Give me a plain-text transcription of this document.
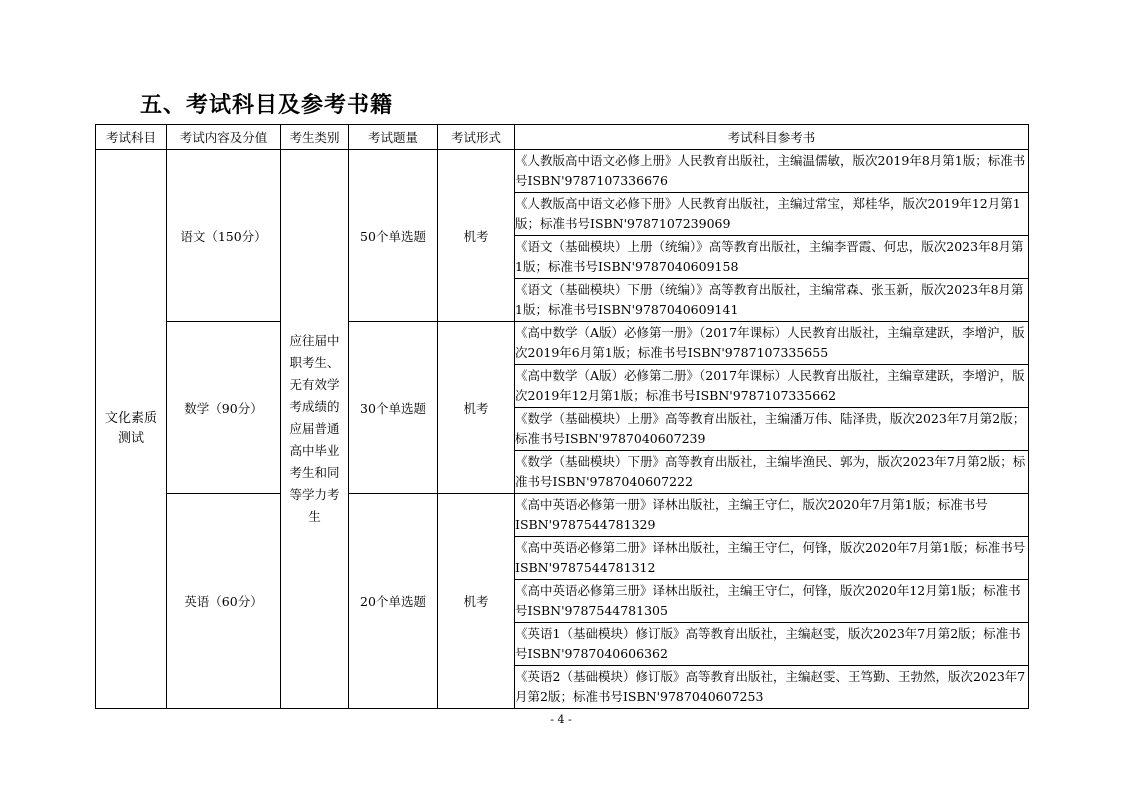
五、考试科目及参考书籍
考试科目	考试内容及分值	考生类别	考试题量	考试形式	考试科目参考书
文化素质测试	语文（150分）	应往届中职考生、无有效学考成绩的应届普通高中毕业考生和同等学力考生	50个单选题	机考	《人教版高中语文必修上册》人民教育出版社，主编温儒敏，版次2019年8月第1版；标准书号ISBN'9787107336676
					《人教版高中语文必修下册》人民教育出版社，主编过常宝，郑桂华，版次2019年12月第1版；标准书号ISBN'9787107239069
					《语文（基础模块）上册（统编）》高等教育出版社，主编李晋霞、何忠，版次2023年8月第1版；标准书号ISBN'9787040609158
					《语文（基础模块）下册（统编）》高等教育出版社，主编常森、张玉新，版次2023年8月第1版；标准书号ISBN'9787040609141
	数学（90分）		30个单选题	机考	《高中数学（A版）必修第一册》（2017年课标）人民教育出版社，主编章建跃，李增沪，版次2019年6月第1版；标准书号ISBN'9787107335655
					《高中数学（A版）必修第二册》（2017年课标）人民教育出版社，主编章建跃，李增沪，版次2019年12月第1版；标准书号ISBN'9787107335662
					《数学（基础模块）上册》高等教育出版社，主编潘万伟、陆泽贵，版次2023年7月第2版；标准书号ISBN'9787040607239
					《数学（基础模块）下册》高等教育出版社，主编毕渔民、郭为，版次2023年7月第2版；标准书号ISBN'9787040607222
	英语（60分）		20个单选题	机考	《高中英语必修第一册》译林出版社，主编王守仁，版次2020年7月第1版；标准书号ISBN'9787544781329
					《高中英语必修第二册》译林出版社，主编王守仁，何锋，版次2020年7月第1版；标准书号ISBN'9787544781312
					《高中英语必修第三册》译林出版社，主编王守仁，何锋，版次2020年12月第1版；标准书号ISBN'9787544781305
					《英语1（基础模块）修订版》高等教育出版社，主编赵雯，版次2023年7月第2版；标准书号ISBN'9787040606362
					《英语2（基础模块）修订版》高等教育出版社，主编赵雯、王笃勤、王勃然，版次2023年7月第2版；标准书号ISBN'9787040607253
- 4 -
